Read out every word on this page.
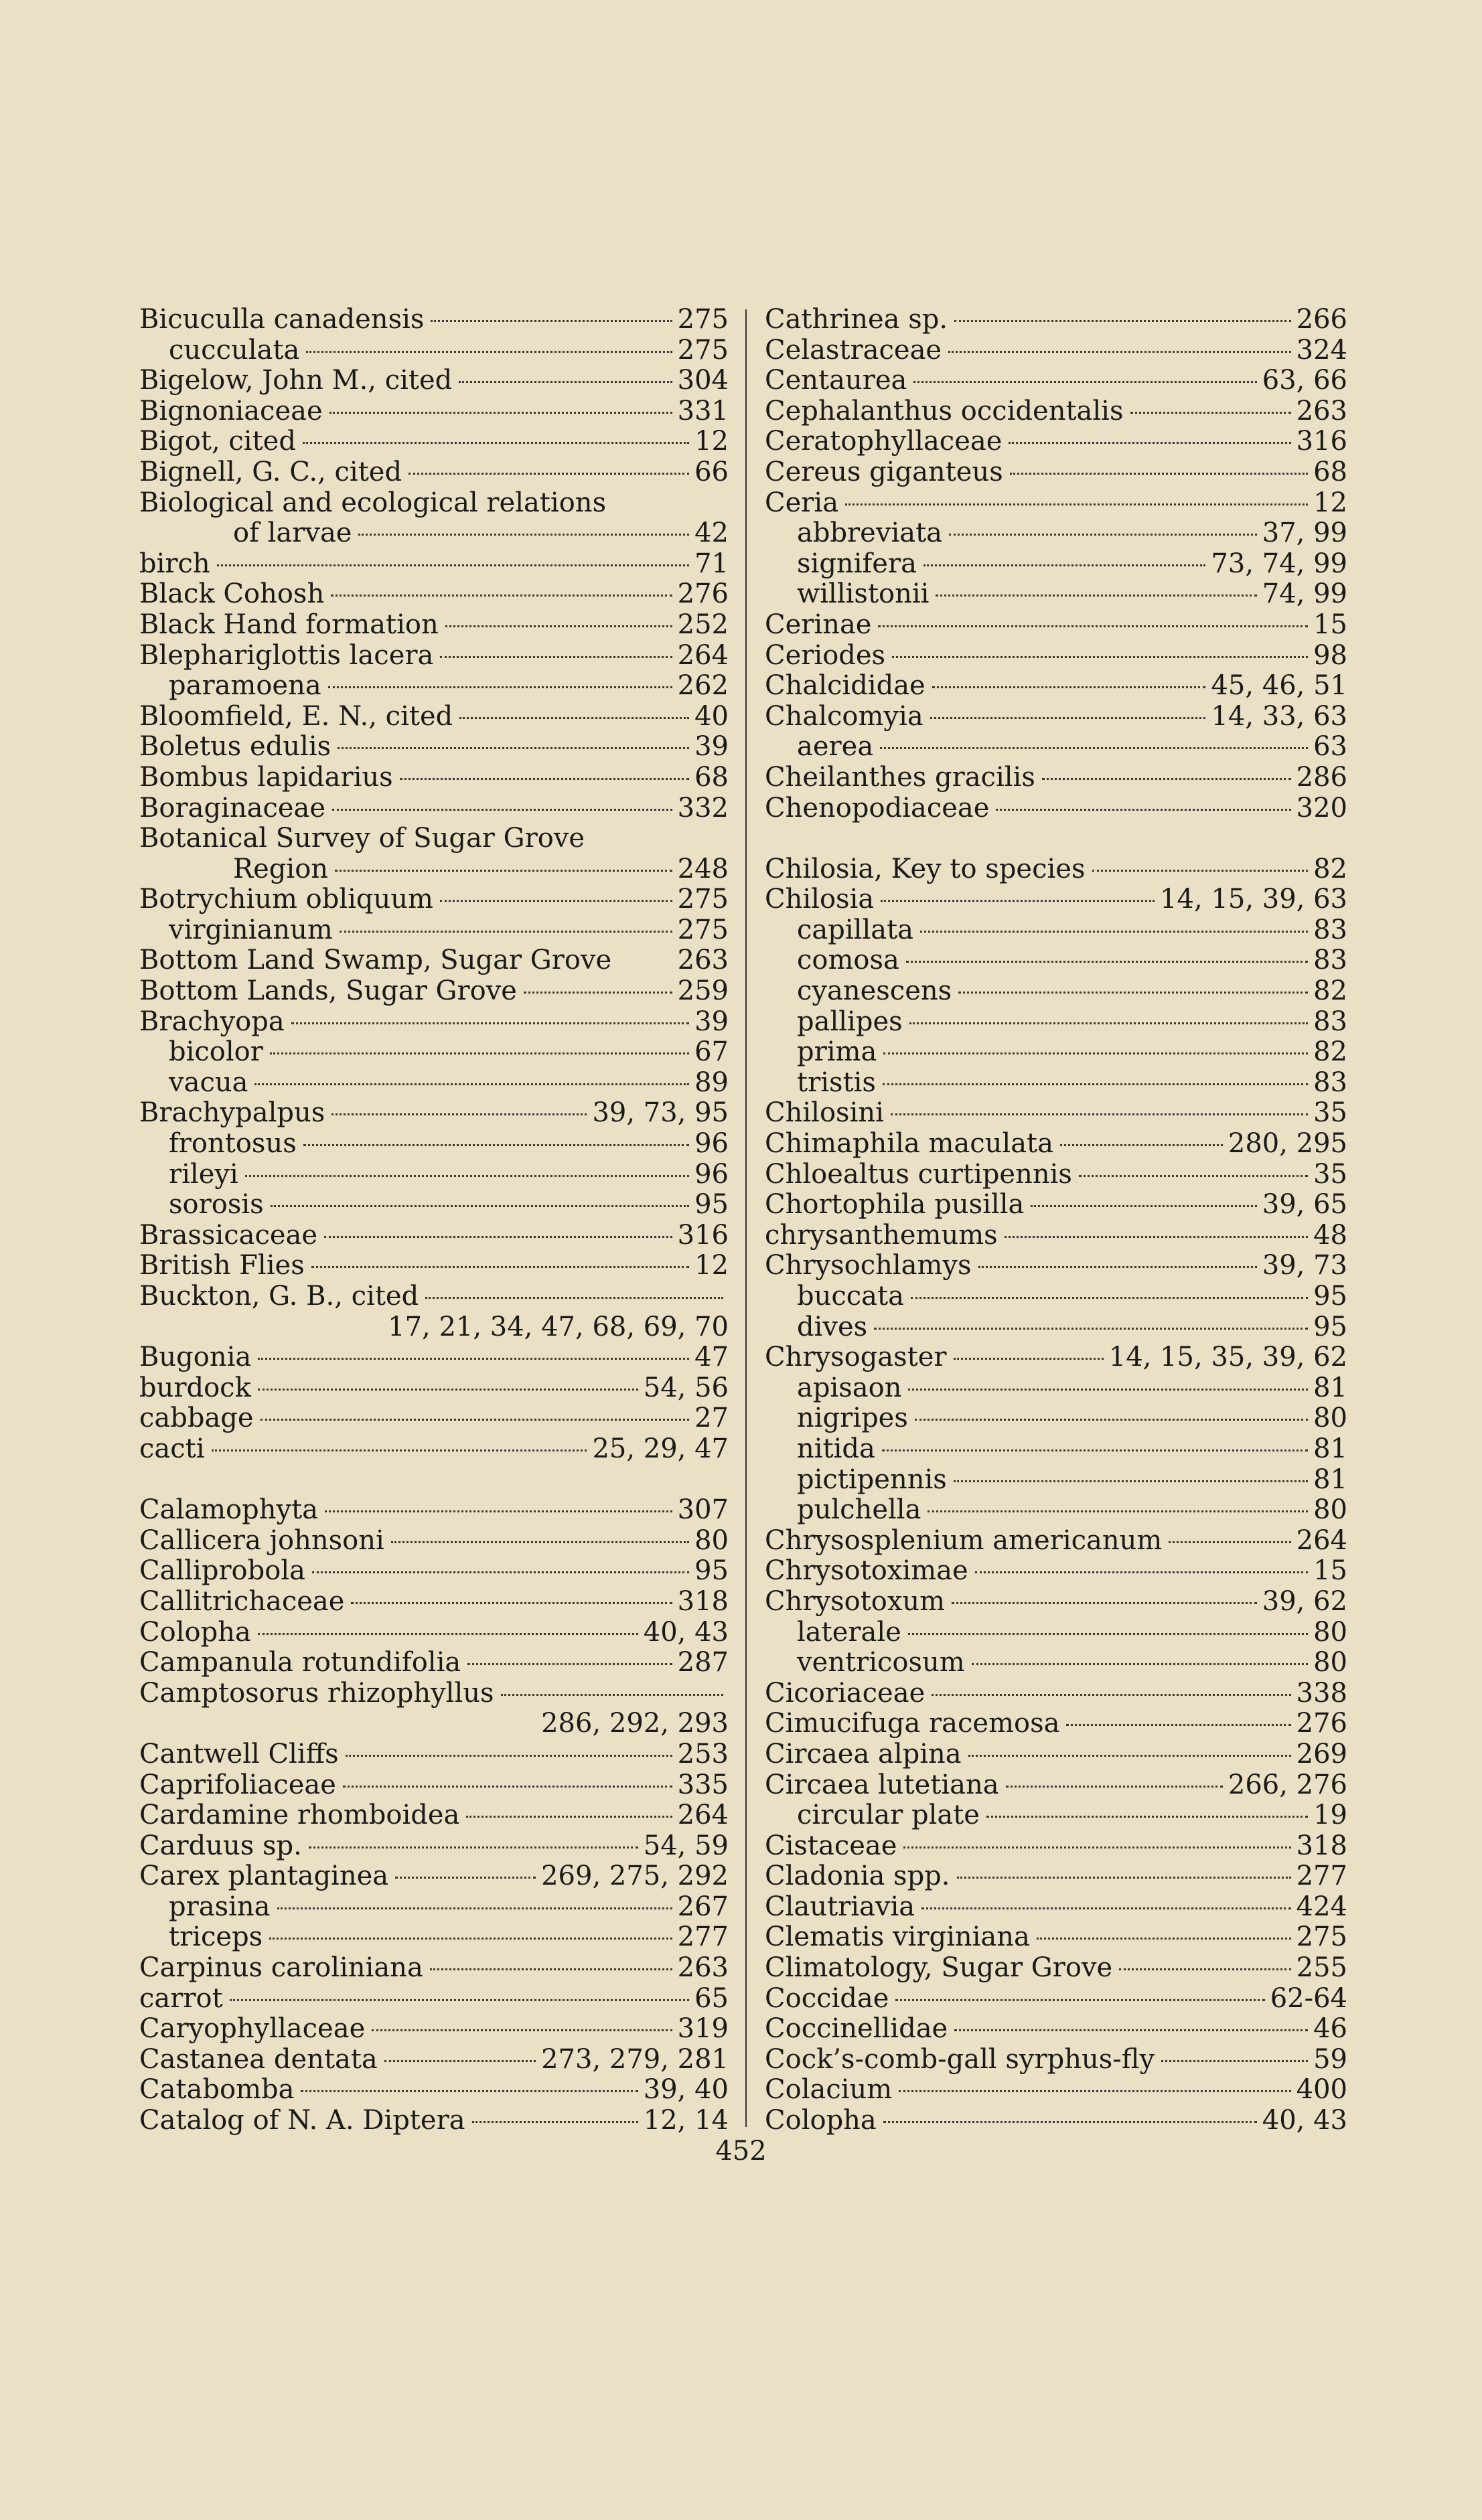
Bicuculla canadensis	275
cucculata	275
Bigelow, John M., cited	304
Bignoniaceae	331
Bigot, cited	12
Bignell, G. C., cited	66
Biological and ecological relations
of larvae	42
birch	71
Black Cohosh	276
Black Hand formation	252
Blepharig​lottis lacera	264
paramoena	262
Bloomfield, E. N., cited	40
Boletus edulis	39
Bombus lapidarius	68
Boraginaceae	332
Botanical Survey of Sugar Grove
Region	248
Botrychium obliquum	275
virginianum	275
Bottom Land Swamp, Sugar Grove 263
Bottom Lands, Sugar Grove	259
Brachyopa	39
bicolor	67
vacua	89
Brachypalpus	39, 73, 95
frontosus	96
rileyi	96
sorosis	95
Brassicaceae	316
British Flies	12
Buckton, G. B., cited
17, 21, 34, 47, 68, 69, 70
Bugonia	47
burdock	54, 56
cabbage	27
cacti	25, 29, 47
Calamophyta	307
Callicera johnsoni	80
Calliprobola	95
Callitrichaceae	318
Colopha	40, 43
Campanula rotundifolia	287
Camptosorus rhizophyllus
286, 292, 293
Cantwell Cliffs	253
Caprifoliaceae	335
Cardamine rhomboidea	264
Carduus sp.	54, 59
Carex plantaginea	269, 275, 292
prasina	267
triceps	277
Carpinus caroliniana	263
carrot	65
Caryophyllaceae	319
Castanea dentata	273, 279, 281
Catabomba	39, 40
Catalog of N. A. Diptera	12, 14
Cathrinea sp.	266
Celastraceae	324
Centaurea	63, 66
Cephalanthus occidentalis	263
Ceratophyllaceae	316
Cereus giganteus	68
Ceria	12
abbreviata	37, 99
signifera	73, 74, 99
willistonii	74, 99
Cerinae	15
Ceriodes	98
Chalcididae	45, 46, 51
Chalcomyia	14, 33, 63
aerea	63
Cheilanthes gracilis	286
Chenopodiaceae	320
Chilosia, Key to species	82
Chilosia	14, 15, 39, 63
capillata	83
comosa	83
cyanescens	82
pallipes	83
prima	82
tristis	83
Chilosini	35
Chimaphila maculata	280, 295
Chloealtus curtipennis	35
Chortophila pusilla	39, 65
chrysanthemums	48
Chrysochlamys	39, 73
buccata	95
dives	95
Chrysogaster	14, 15, 35, 39, 62
apisaon	81
nigripes	80
nitida	81
pictipennis	81
pulchella	80
Chrysosplenium americanum	264
Chrysotoximae	15
Chrysotoxum	39, 62
laterale	80
ventricosum	80
Cicoriaceae	338
Cimucifuga racemosa	276
Circaea alpina	269
Circaea lutetiana	266, 276
circular plate	19
Cistaceae	318
Cladonia spp.	277
Clautriavia	424
Clematis virginiana	275
Climatology, Sugar Grove	255
Coccidae	62-64
Coccinellidae	46
Cock’s-comb-gall syrphus-fly	59
Colacium	400
Colopha	40, 43
452
